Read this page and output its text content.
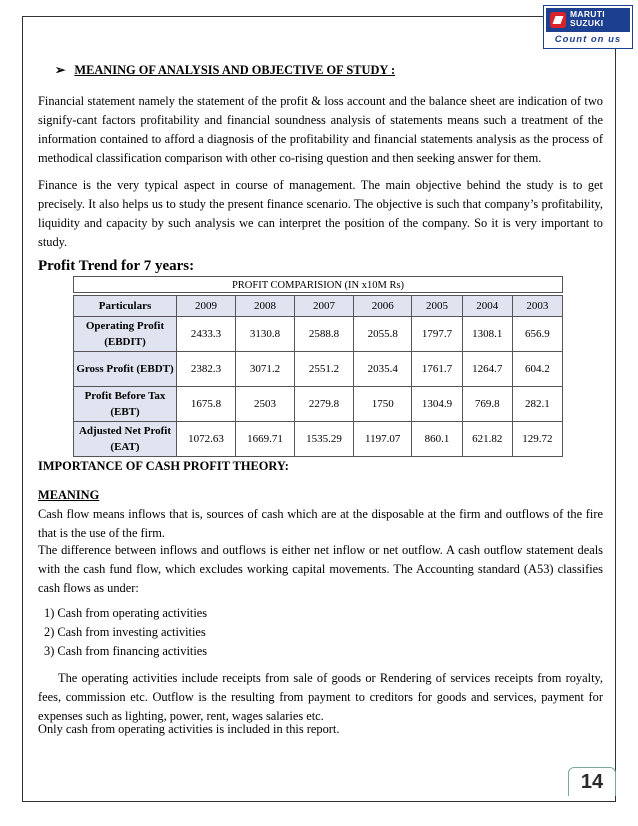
MARUTI
SUZUKI
Count on us
➢ MEANING OF ANALYSIS AND OBJECTIVE OF STUDY :
Financial statement namely the statement of the profit & loss account and the balance sheet are indication of two signify-cant factors profitability and financial soundness analysis of statements means such a treatment of the information contained to afford a diagnosis of the profitability and financial statements analysis as the process of methodical classification comparison with other co-rising question and then seeking answer for them.
Finance is the very typical aspect in course of management. The main objective behind the study is to get precisely. It also helps us to study the present finance scenario. The objective is such that company’s profitability, liquidity and capacity by such analysis we can interpret the position of the company. So it is very important to study.
Profit Trend for 7 years:
PROFIT COMPARISION (IN x10M Rs)
Particulars	2009	2008	2007	2006	2005	2004	2003
Operating Profit (EBDIT)	2433.3	3130.8	2588.8	2055.8	1797.7	1308.1	656.9
Gross Profit (EBDT)	2382.3	3071.2	2551.2	2035.4	1761.7	1264.7	604.2
Profit Before Tax (EBT)	1675.8	2503	2279.8	1750	1304.9	769.8	282.1
Adjusted Net Profit (EAT)	1072.63	1669.71	1535.29	1197.07	860.1	621.82	129.72
IMPORTANCE OF CASH PROFIT THEORY:
MEANING
Cash flow means inflows that is, sources of cash which are at the disposable at the firm and outflows of the fire that is the use of the firm.
The difference between inflows and outflows is either net inflow or net outflow. A cash outflow statement deals with the cash fund flow, which excludes working capital movements. The Accounting standard (A53) classifies cash flows as under:
1) Cash from operating activities
2) Cash from investing activities
3) Cash from financing activities
The operating activities include receipts from sale of goods or Rendering of services receipts from royalty, fees, commission etc. Outflow is the resulting from payment to creditors for goods and services, payment for expenses such as lighting, power, rent, wages salaries etc.
Only cash from operating activities is included in this report.
14
